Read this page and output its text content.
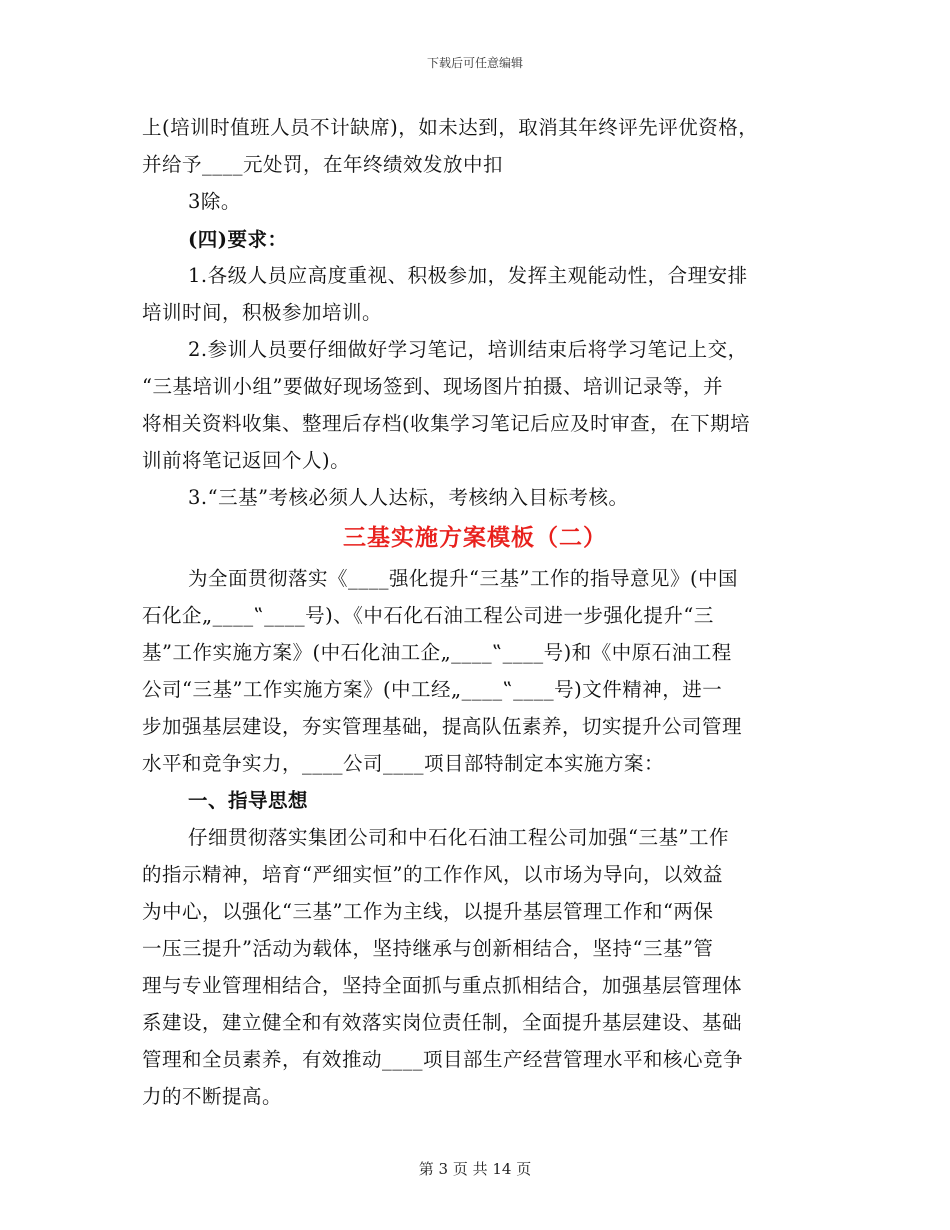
下载后可任意编辑
上(培训时值班人员不计缺席)，如未达到，取消其年终评先评优资格，
并给予____元处罚，在年终绩效发放中扣
3除。
(四)要求：
1.各级人员应高度重视、积极参加，发挥主观能动性，合理安排
培训时间，积极参加培训。
2.参训人员要仔细做好学习笔记，培训结束后将学习笔记上交，
“三基培训小组”要做好现场签到、现场图片拍摄、培训记录等，并
将相关资料收集、整理后存档(收集学习笔记后应及时审查，在下期培
训前将笔记返回个人)。
3.“三基”考核必须人人达标，考核纳入目标考核。
三基实施方案模板（二）
为全面贯彻落实《____强化提升“三基”工作的指导意见》(中国
石化企„____‟____号)、《中石化石油工程公司进一步强化提升“三
基”工作实施方案》(中石化油工企„____‟____号)和《中原石油工程
公司“三基”工作实施方案》(中工经„____‟____号)文件精神，进一
步加强基层建设，夯实管理基础，提高队伍素养，切实提升公司管理
水平和竞争实力，____公司____项目部特制定本实施方案：
一、指导思想
仔细贯彻落实集团公司和中石化石油工程公司加强“三基”工作
的指示精神，培育“严细实恒”的工作作风，以市场为导向，以效益
为中心，以强化“三基”工作为主线，以提升基层管理工作和“两保
一压三提升”活动为载体，坚持继承与创新相结合，坚持“三基”管
理与专业管理相结合，坚持全面抓与重点抓相结合，加强基层管理体
系建设，建立健全和有效落实岗位责任制，全面提升基层建设、基础
管理和全员素养，有效推动____项目部生产经营管理水平和核心竞争
力的不断提高。
第 3 页 共 14 页
